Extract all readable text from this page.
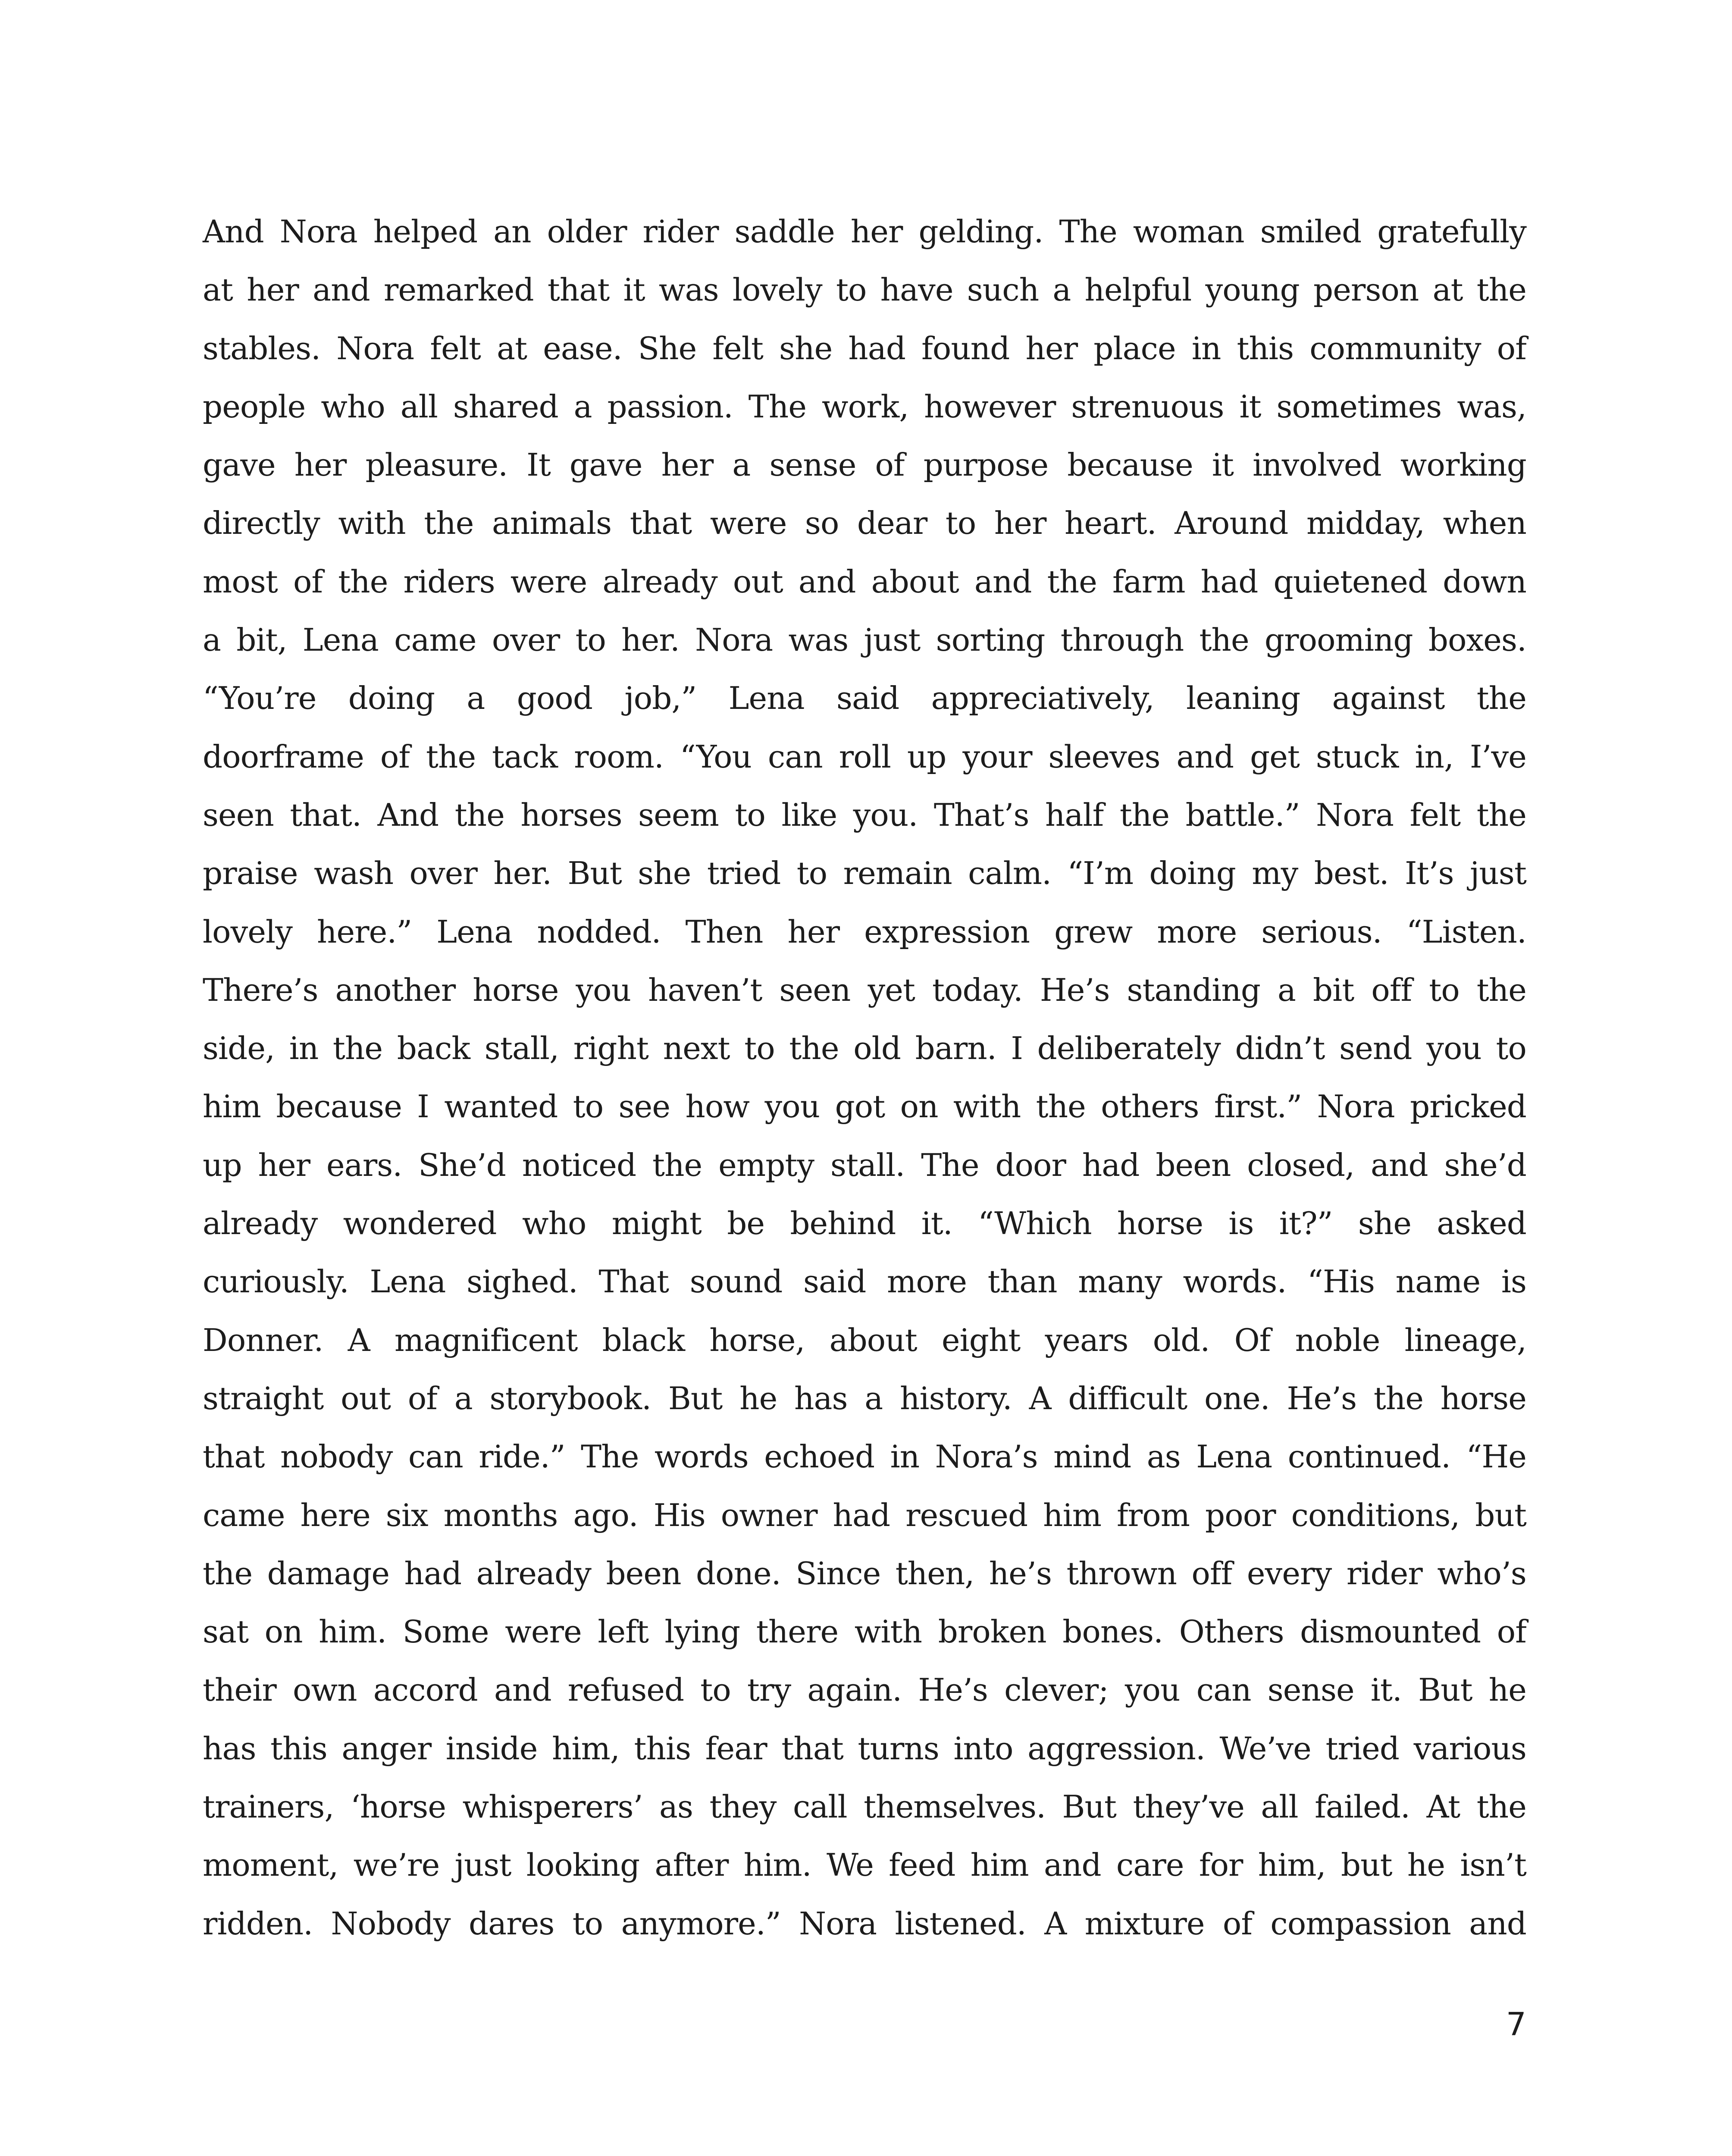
And Nora helped an older rider saddle her gelding. The woman smiled gratefully
at her and remarked that it was lovely to have such a helpful young person at the
stables. Nora felt at ease. She felt she had found her place in this community of
people who all shared a passion. The work, however strenuous it sometimes was,
gave her pleasure. It gave her a sense of purpose because it involved working
directly with the animals that were so dear to her heart. Around midday, when
most of the riders were already out and about and the farm had quietened down
a bit, Lena came over to her. Nora was just sorting through the grooming boxes.
“You’re doing a good job,” Lena said appreciatively, leaning against the
doorframe of the tack room. “You can roll up your sleeves and get stuck in, I’ve
seen that. And the horses seem to like you. That’s half the battle.” Nora felt the
praise wash over her. But she tried to remain calm. “I’m doing my best. It’s just
lovely here.” Lena nodded. Then her expression grew more serious. “Listen.
There’s another horse you haven’t seen yet today. He’s standing a bit off to the
side, in the back stall, right next to the old barn. I deliberately didn’t send you to
him because I wanted to see how you got on with the others first.” Nora pricked
up her ears. She’d noticed the empty stall. The door had been closed, and she’d
already wondered who might be behind it. “Which horse is it?” she asked
curiously. Lena sighed. That sound said more than many words. “His name is
Donner. A magnificent black horse, about eight years old. Of noble lineage,
straight out of a storybook. But he has a history. A difficult one. He’s the horse
that nobody can ride.” The words echoed in Nora’s mind as Lena continued. “He
came here six months ago. His owner had rescued him from poor conditions, but
the damage had already been done. Since then, he’s thrown off every rider who’s
sat on him. Some were left lying there with broken bones. Others dismounted of
their own accord and refused to try again. He’s clever; you can sense it. But he
has this anger inside him, this fear that turns into aggression. We’ve tried various
trainers, ‘horse whisperers’ as they call themselves. But they’ve all failed. At the
moment, we’re just looking after him. We feed him and care for him, but he isn’t
ridden. Nobody dares to anymore.” Nora listened. A mixture of compassion and
7
